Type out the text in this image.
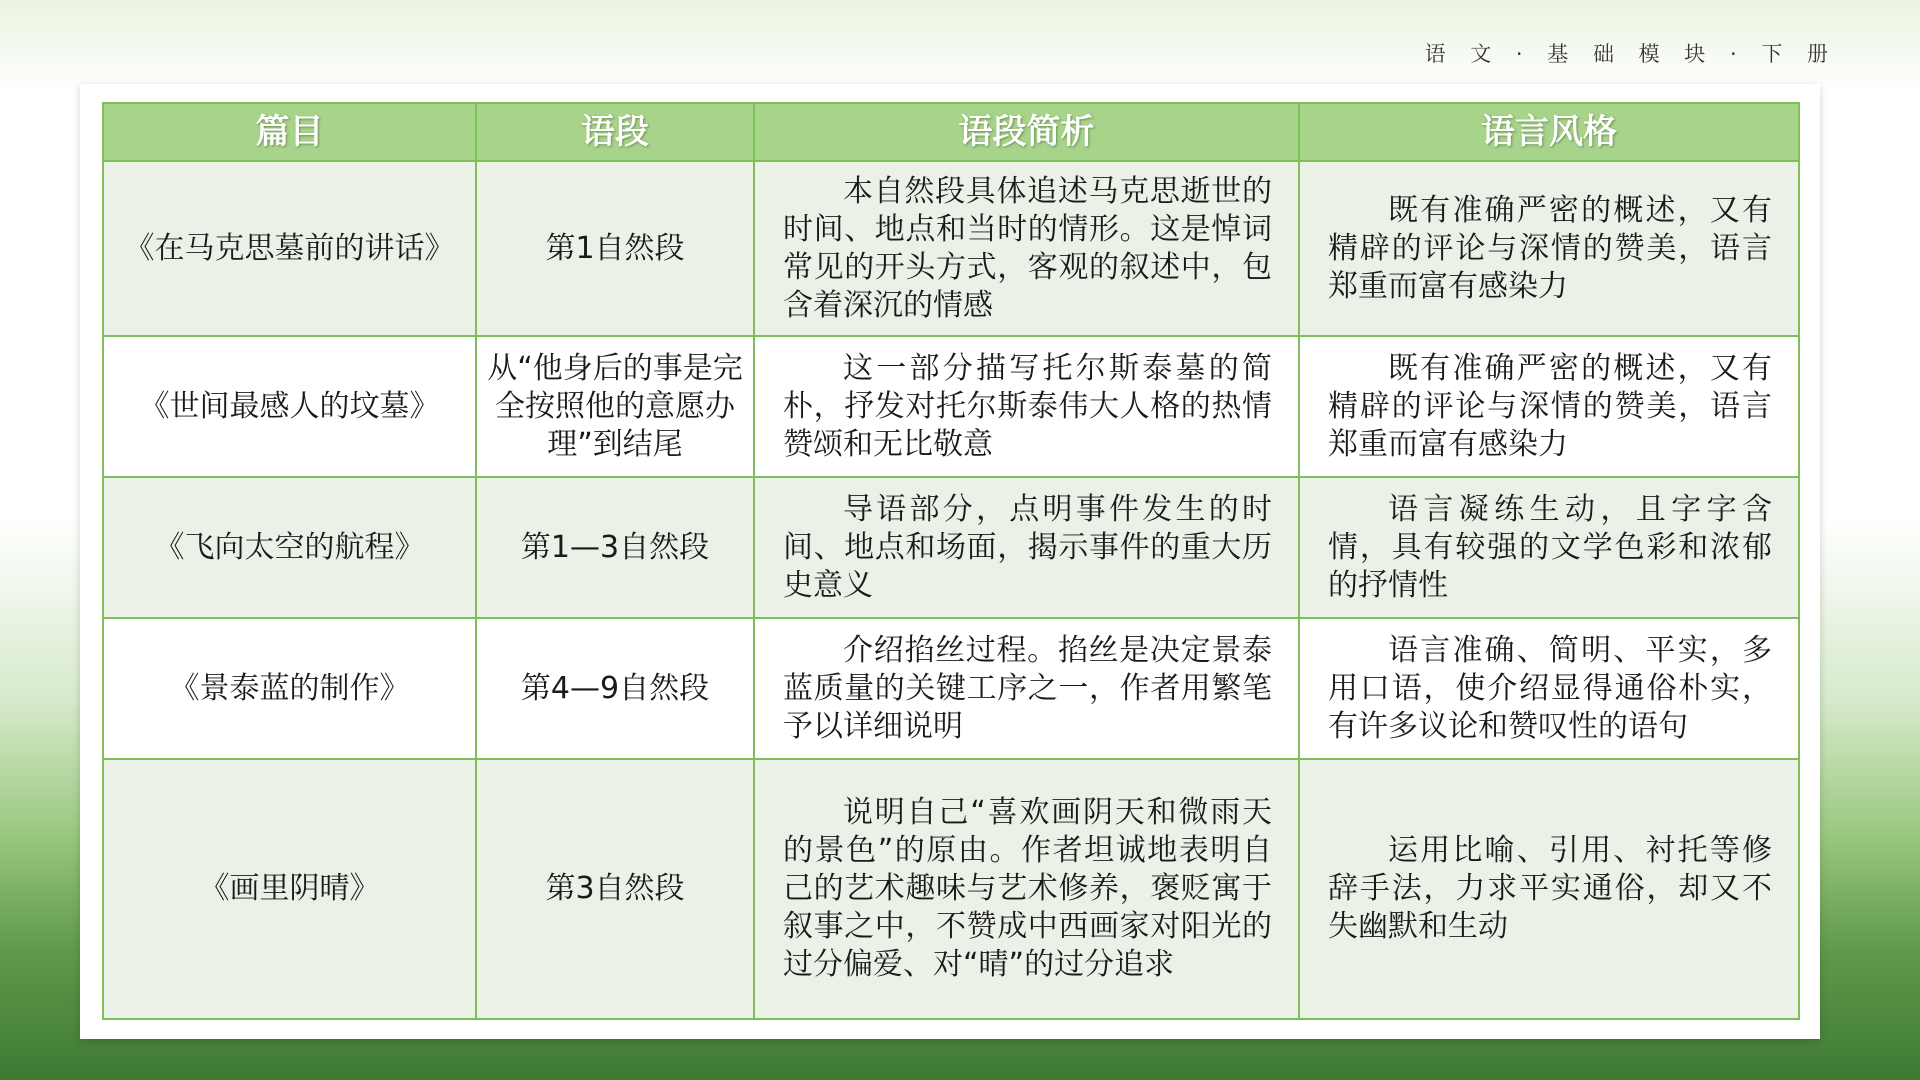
语 文 · 基 础 模 块 · 下 册
篇目	语段	语段简析	语言风格
《在马克思墓前的讲话》	第1自然段	本自然段具体追述马克思逝世的时间、地点和当时的情形。这是悼词常见的开头方式，客观的叙述中，包含着深沉的情感	既有准确严密的概述，又有精辟的评论与深情的赞美，语言郑重而富有感染力

《世间最感人的坟墓》	从“他身后的事是完全按照他的意愿办理”到结尾	这一部分描写托尔斯泰墓的简朴，抒发对托尔斯泰伟大人格的热情赞颂和无比敬意	既有准确严密的概述，又有精辟的评论与深情的赞美，语言郑重而富有感染力

《飞向太空的航程》	第1—3自然段	导语部分，点明事件发生的时间、地点和场面，揭示事件的重大历史意义	语言凝练生动，且字字含情，具有较强的文学色彩和浓郁的抒情性

《景泰蓝的制作》	第4—9自然段	介绍掐丝过程。掐丝是决定景泰蓝质量的关键工序之一，作者用繁笔予以详细说明	语言准确、简明、平实，多用口语，使介绍显得通俗朴实，有许多议论和赞叹性的语句

《画里阴晴》	第3自然段	说明自己“喜欢画阴天和微雨天的景色”的原由。作者坦诚地表明自己的艺术趣味与艺术修养，褒贬寓于叙事之中，不赞成中西画家对阳光的过分偏爱、对“晴”的过分追求	运用比喻、引用、衬托等修辞手法，力求平实通俗，却又不失幽默和生动
